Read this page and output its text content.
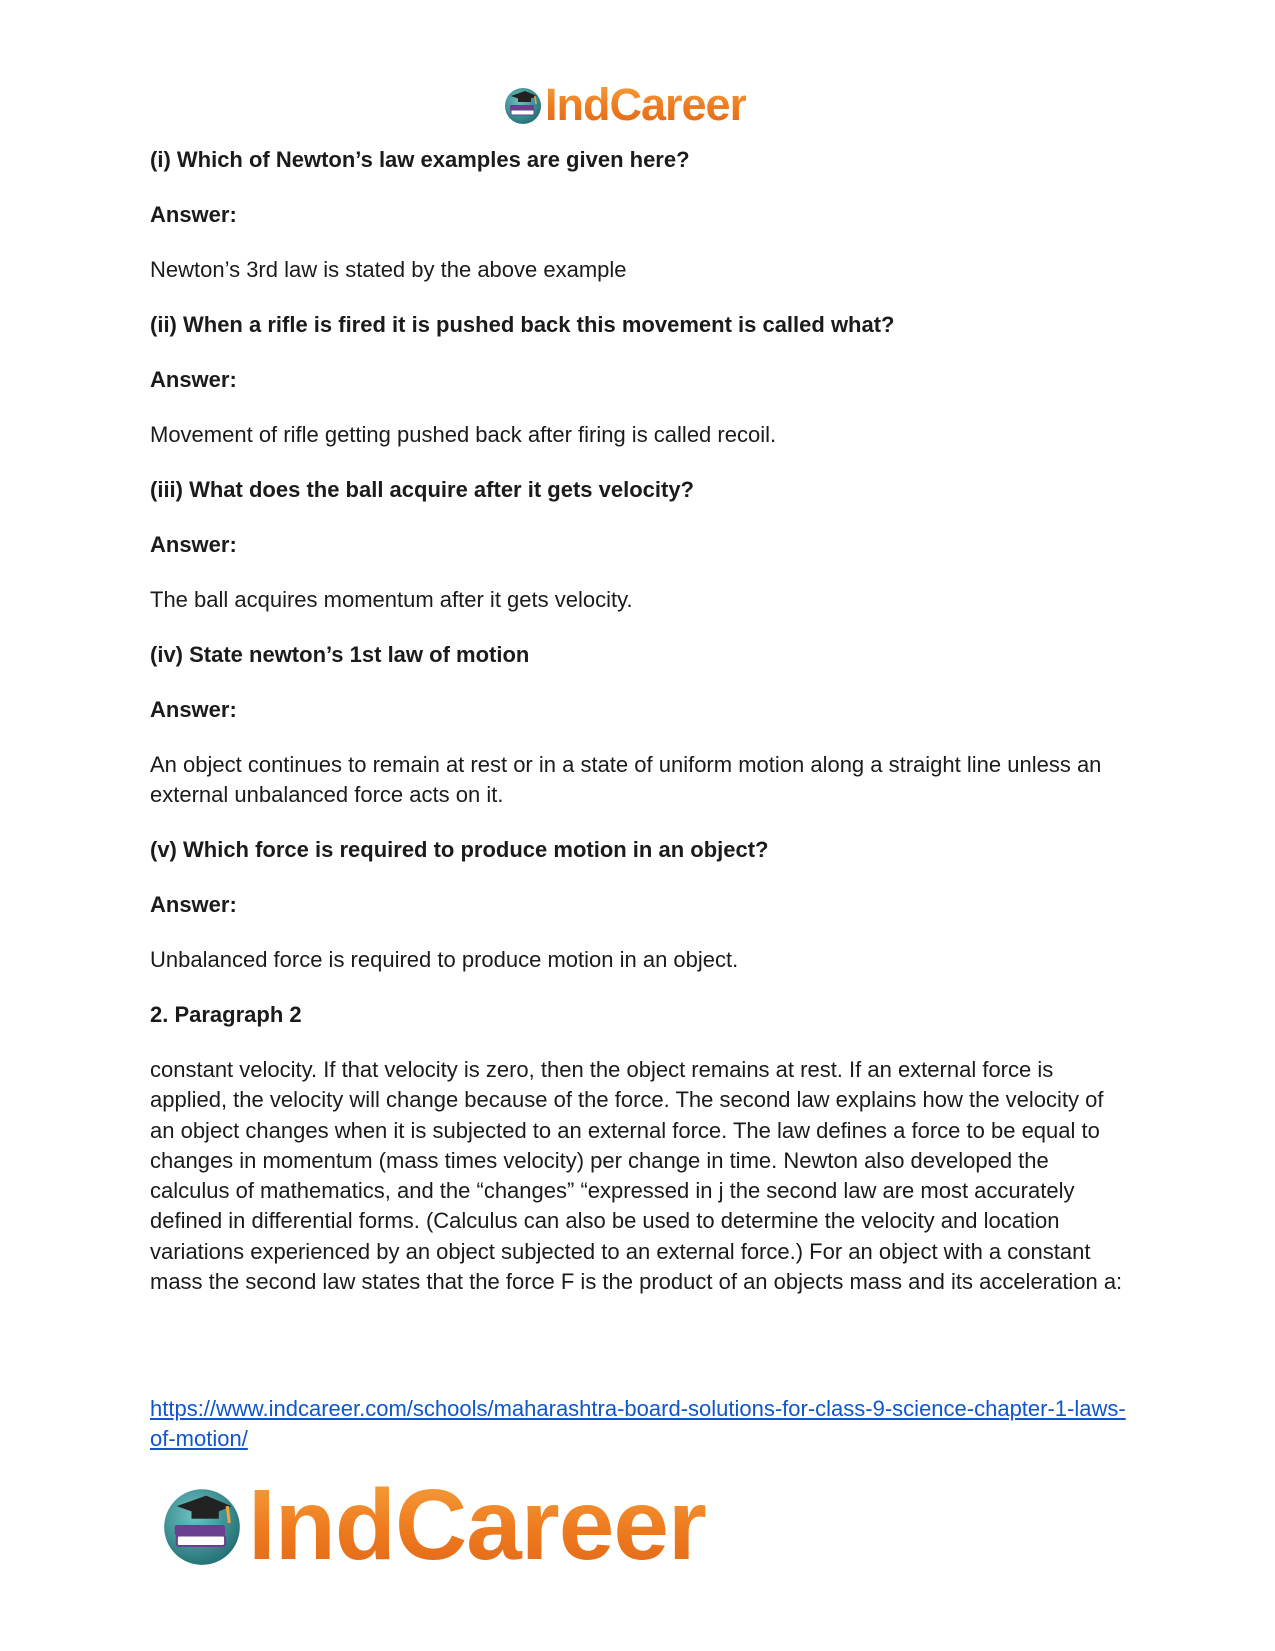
IndCareer

(i) Which of Newton’s law examples are given here?

Answer:

Newton’s 3rd law is stated by the above example

(ii) When a rifle is fired it is pushed back this movement is called what?

Answer:

Movement of rifle getting pushed back after firing is called recoil.

(iii) What does the ball acquire after it gets velocity?

Answer:

The ball acquires momentum after it gets velocity.

(iv) State newton’s 1st law of motion

Answer:

An object continues to remain at rest or in a state of uniform motion along a straight line unless an external unbalanced force acts on it.

(v) Which force is required to produce motion in an object?

Answer:

Unbalanced force is required to produce motion in an object.

2. Paragraph 2

constant velocity. If that velocity is zero, then the object remains at rest. If an external force is applied, the velocity will change because of the force. The second law explains how the velocity of an object changes when it is subjected to an external force. The law defines a force to be equal to changes in momentum (mass times velocity) per change in time. Newton also developed the calculus of mathematics, and the “changes” “expressed in j the second law are most accurately defined in differential forms. (Calculus can also be used to determine the velocity and location variations experienced by an object subjected to an external force.) For an object with a constant mass the second law states that the force F is the product of an objects mass and its acceleration a:

https://www.indcareer.com/schools/maharashtra-board-solutions-for-class-9-science-chapter-1-laws-of-motion/
IndCareer
